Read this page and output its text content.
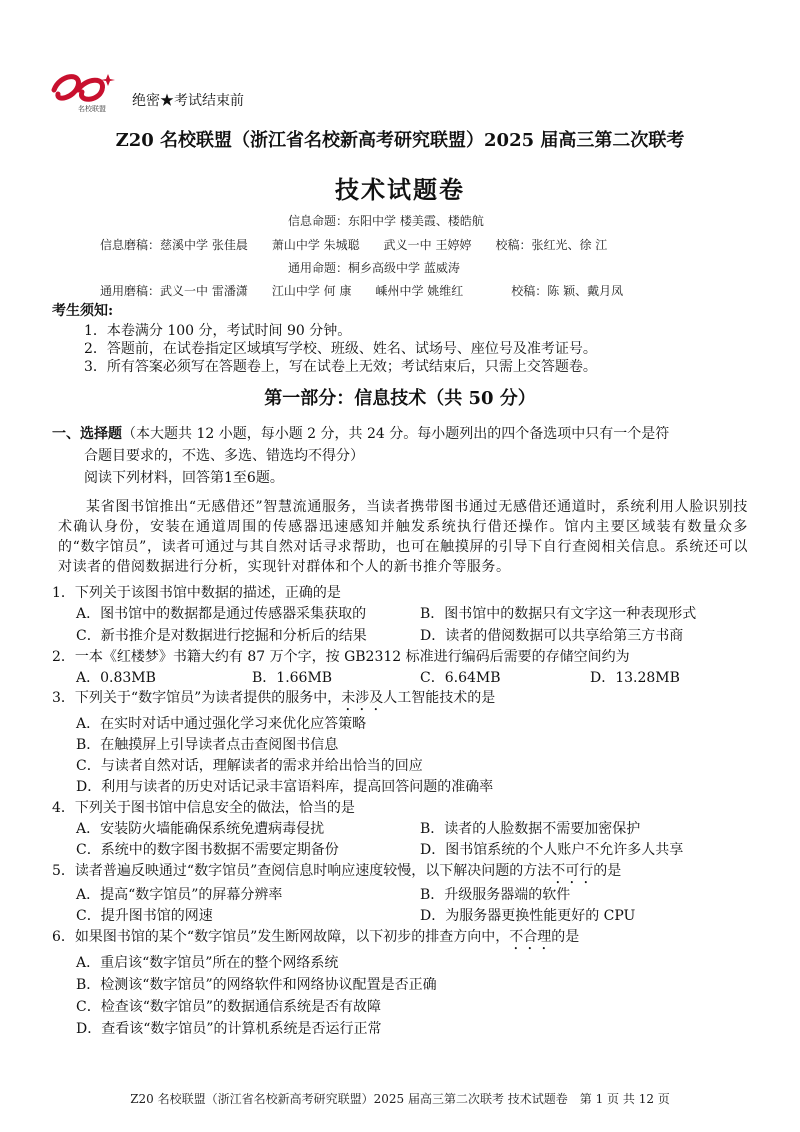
名校联盟 绝密★考试结束前
Z20 名校联盟（浙江省名校新高考研究联盟）2025 届高三第二次联考
技术试题卷
信息命题：东阳中学 楼美霞、楼皓航
信息磨稿：慈溪中学 张佳晨　　萧山中学 朱城聪　　武义一中 王婷婷　　校稿：张红光、徐 江
通用命题：桐乡高级中学 蓝威涛
通用磨稿：武义一中 雷潘潇　　江山中学 何 康　　嵊州中学 姚维红　　　　校稿：陈 颖、戴月凤
考生须知:
1．本卷满分 100 分，考试时间 90 分钟。
2．答题前，在试卷指定区域填写学校、班级、姓名、试场号、座位号及准考证号。
3．所有答案必须写在答题卷上，写在试卷上无效；考试结束后，只需上交答题卷。
第一部分：信息技术（共 50 分）
一、选择题（本大题共 12 小题，每小题 2 分，共 24 分。每小题列出的四个备选项中只有一个是符
合题目要求的，不选、多选、错选均不得分）
阅读下列材料，回答第1至6题。
某省图书馆推出“无感借还”智慧流通服务，当读者携带图书通过无感借还通道时，系统利用人脸识别技术确认身份，安装在通道周围的传感器迅速感知并触发系统执行借还操作。馆内主要区域装有数量众多的“数字馆员”，读者可通过与其自然对话寻求帮助，也可在触摸屏的引导下自行查阅相关信息。系统还可以对读者的借阅数据进行分析，实现针对群体和个人的新书推介等服务。
1．下列关于该图书馆中数据的描述，正确的是
A．图书馆中的数据都是通过传感器采集获取的	B．图书馆中的数据只有文字这一种表现形式
C．新书推介是对数据进行挖掘和分析后的结果	D．读者的借阅数据可以共享给第三方书商
2．一本《红楼梦》书籍大约有 87 万个字，按 GB2312 标准进行编码后需要的存储空间约为
A．0.83MB	B．1.66MB	C．6.64MB	D．13.28MB
3．下列关于“数字馆员”为读者提供的服务中，未涉及人工智能技术的是
A．在实时对话中通过强化学习来优化应答策略
B．在触摸屏上引导读者点击查阅图书信息
C．与读者自然对话，理解读者的需求并给出恰当的回应
D．利用与读者的历史对话记录丰富语料库，提高回答问题的准确率
4．下列关于图书馆中信息安全的做法，恰当的是
A．安装防火墙能确保系统免遭病毒侵扰	B．读者的人脸数据不需要加密保护
C．系统中的数字图书数据不需要定期备份	D．图书馆系统的个人账户不允许多人共享
5．读者普遍反映通过“数字馆员”查阅信息时响应速度较慢，以下解决问题的方法不可行的是
A．提高“数字馆员”的屏幕分辨率	B．升级服务器端的软件
C．提升图书馆的网速	D．为服务器更换性能更好的 CPU
6．如果图书馆的某个“数字馆员”发生断网故障，以下初步的排查方向中，不合理的是
A．重启该“数字馆员”所在的整个网络系统
B．检测该“数字馆员”的网络软件和网络协议配置是否正确
C．检查该“数字馆员”的数据通信系统是否有故障
D．查看该“数字馆员”的计算机系统是否运行正常
Z20 名校联盟（浙江省名校新高考研究联盟）2025 届高三第二次联考 技术试题卷　第 1 页 共 12 页
